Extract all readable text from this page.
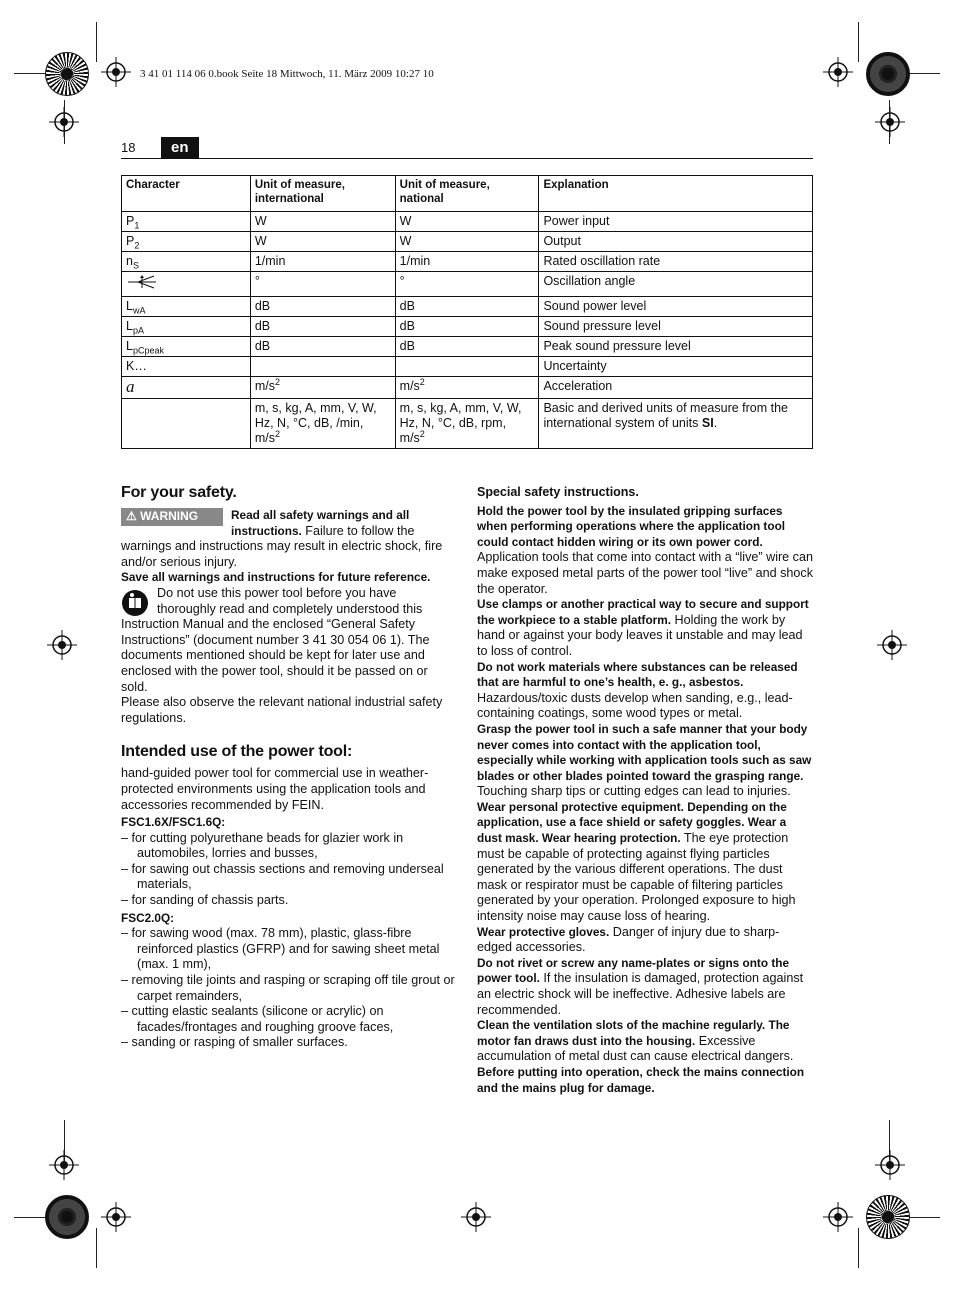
3 41 01 114 06 0.book Seite 18 Mittwoch, 11. März 2009 10:27 10
18	en
Character	Unit of measure, international	Unit of measure, national	Explanation
$P_1$	W	W	Power input
$P_2$	W	W	Output
$n_S$	1/min	1/min	Rated oscillation rate
	°	°	Oscillation angle
$L_{wA}$	dB	dB	Sound power level
$L_{pA}$	dB	dB	Sound pressure level
$L_{pCpeak}$	dB	dB	Peak sound pressure level
K…			Uncertainty
a	$m/s^2$	$m/s^2$	Acceleration
	m, s, kg, A, mm, V, W, Hz, N, °C, dB, /min, $m/s^2$	m, s, kg, A, mm, V, W, Hz, N, °C, dB, rpm, $m/s^2$	Basic and derived units of measure from the international system of units SI.

For your safety.

⚠ WARNING	Read all safety warnings and all instructions. Failure to follow the warnings and instructions may result in electric shock, fire and/or serious injury.

Save all warnings and instructions for future reference.

Do not use this power tool before you have thoroughly read and completely understood this Instruction Manual and the enclosed “General Safety Instructions” (document number 3 41 30 054 06 1). The documents mentioned should be kept for later use and enclosed with the power tool, should it be passed on or sold.

Please also observe the relevant national industrial safety regulations.

Intended use of the power tool:

hand-guided power tool for commercial use in weather-protected environments using the application tools and accessories recommended by FEIN.

FSC1.6X/FSC1.6Q:

– for cutting polyurethane beads for glazier work in automobiles, lorries and busses,

– for sawing out chassis sections and removing underseal materials,

– for sanding of chassis parts.

FSC2.0Q:

– for sawing wood (max. 78 mm), plastic, glass-fibre reinforced plastics (GFRP) and for sawing sheet metal (max. 1 mm),

– removing tile joints and rasping or scraping off tile grout or carpet remainders,

– cutting elastic sealants (silicone or acrylic) on facades/frontages and roughing groove faces,

– sanding or rasping of smaller surfaces.

Special safety instructions.

Hold the power tool by the insulated gripping surfaces when performing operations where the application tool could contact hidden wiring or its own power cord. Application tools that come into contact with a “live” wire can make exposed metal parts of the power tool “live” and shock the operator.

Use clamps or another practical way to secure and support the workpiece to a stable platform. Holding the work by hand or against your body leaves it unstable and may lead to loss of control.

Do not work materials where substances can be released that are harmful to one’s health, e. g., asbestos. Hazardous/toxic dusts develop when sanding, e.g., lead-containing coatings, some wood types or metal.

Grasp the power tool in such a safe manner that your body never comes into contact with the application tool, especially while working with application tools such as saw blades or other blades pointed toward the grasping range. Touching sharp tips or cutting edges can lead to injuries.

Wear personal protective equipment. Depending on the application, use a face shield or safety goggles. Wear a dust mask. Wear hearing protection. The eye protection must be capable of protecting against flying particles generated by the various different operations. The dust mask or respirator must be capable of filtering particles generated by your operation. Prolonged exposure to high intensity noise may cause loss of hearing.

Wear protective gloves. Danger of injury due to sharp-edged accessories.

Do not rivet or screw any name-plates or signs onto the power tool. If the insulation is damaged, protection against an electric shock will be ineffective. Adhesive labels are recommended.

Clean the ventilation slots of the machine regularly. The motor fan draws dust into the housing. Excessive accumulation of metal dust can cause electrical dangers.

Before putting into operation, check the mains connection and the mains plug for damage.
